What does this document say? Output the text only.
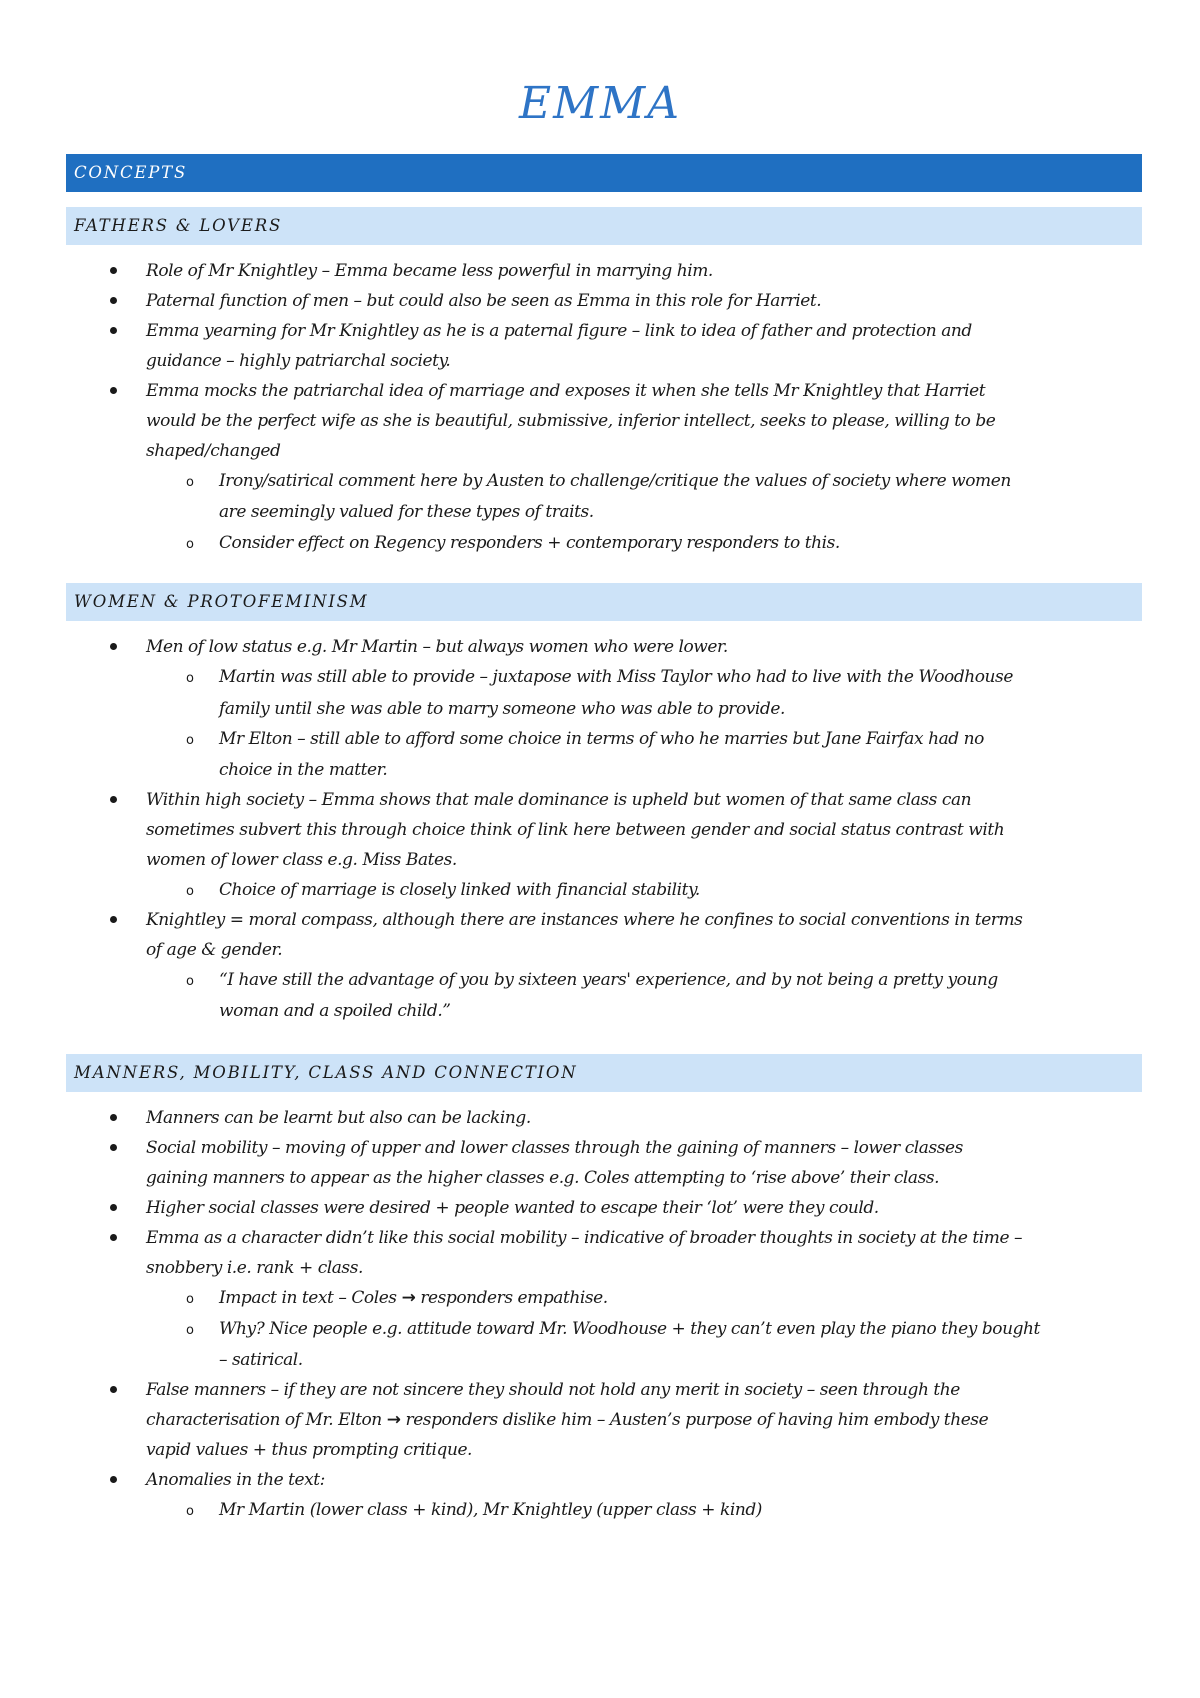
EMMA
CONCEPTS
FATHERS & LOVERS
Role of Mr Knightley – Emma became less powerful in marrying him.
Paternal function of men – but could also be seen as Emma in this role for Harriet.
Emma yearning for Mr Knightley as he is a paternal figure – link to idea of father and protection and
guidance – highly patriarchal society.
Emma mocks the patriarchal idea of marriage and exposes it when she tells Mr Knightley that Harriet
would be the perfect wife as she is beautiful, submissive, inferior intellect, seeks to please, willing to be
shaped/changed
o Irony/satirical comment here by Austen to challenge/critique the values of society where women
are seemingly valued for these types of traits.
o Consider effect on Regency responders + contemporary responders to this.
WOMEN & PROTOFEMINISM
Men of low status e.g. Mr Martin – but always women who were lower.
o Martin was still able to provide – juxtapose with Miss Taylor who had to live with the Woodhouse
family until she was able to marry someone who was able to provide.
o Mr Elton – still able to afford some choice in terms of who he marries but Jane Fairfax had no
choice in the matter.
Within high society – Emma shows that male dominance is upheld but women of that same class can
sometimes subvert this through choice think of link here between gender and social status contrast with
women of lower class e.g. Miss Bates.
o Choice of marriage is closely linked with financial stability.
Knightley = moral compass, although there are instances where he confines to social conventions in terms
of age & gender.
o “I have still the advantage of you by sixteen years' experience, and by not being a pretty young
woman and a spoiled child.”
MANNERS, MOBILITY, CLASS AND CONNECTION
Manners can be learnt but also can be lacking.
Social mobility – moving of upper and lower classes through the gaining of manners – lower classes
gaining manners to appear as the higher classes e.g. Coles attempting to ‘rise above’ their class.
Higher social classes were desired + people wanted to escape their ‘lot’ were they could.
Emma as a character didn’t like this social mobility – indicative of broader thoughts in society at the time –
snobbery i.e. rank + class.
o Impact in text – Coles → responders empathise.
o Why? Nice people e.g. attitude toward Mr. Woodhouse + they can’t even play the piano they bought
– satirical.
False manners – if they are not sincere they should not hold any merit in society – seen through the
characterisation of Mr. Elton → responders dislike him – Austen’s purpose of having him embody these
vapid values + thus prompting critique.
Anomalies in the text:
o Mr Martin (lower class + kind), Mr Knightley (upper class + kind)
